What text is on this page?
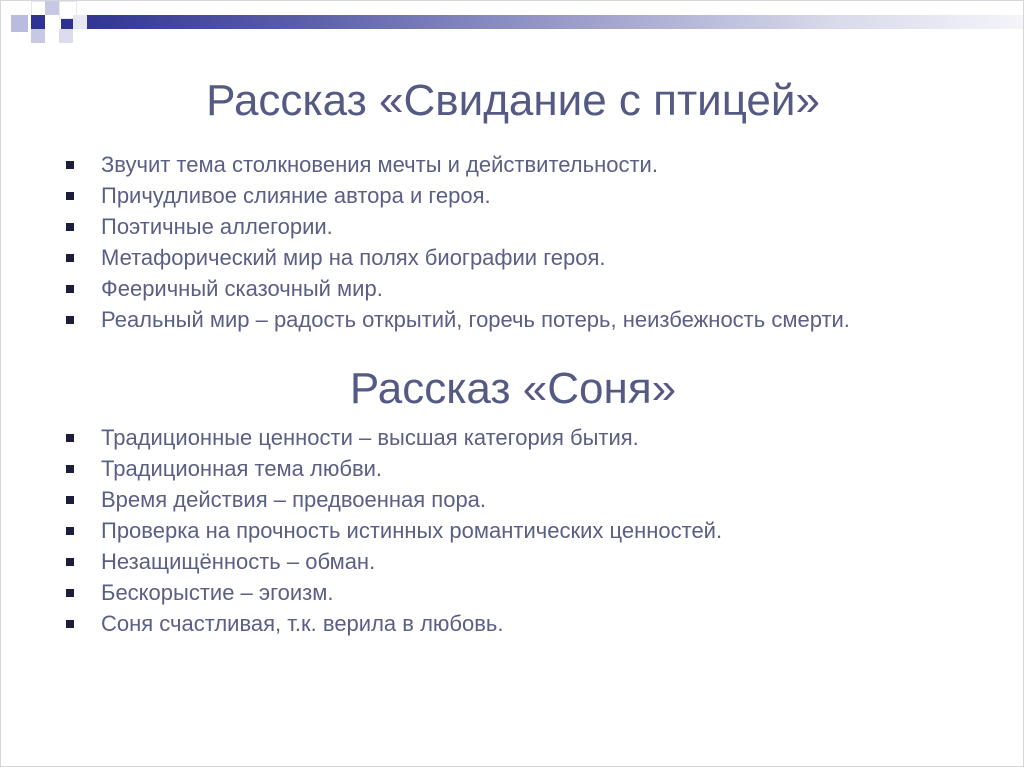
Рассказ «Свидание с птицей»
Звучит тема столкновения мечты и действительности.
Причудливое слияние автора и героя.
Поэтичные аллегории.
Метафорический мир на полях биографии героя.
Фееричный сказочный мир.
Реальный мир – радость открытий, горечь потерь, неизбежность смерти.
Рассказ «Соня»
Традиционные ценности – высшая категория бытия.
Традиционная тема любви.
Время действия – предвоенная пора.
Проверка на прочность истинных романтических ценностей.
Незащищённость – обман.
Бескорыстие – эгоизм.
Соня счастливая, т.к. верила в любовь.
